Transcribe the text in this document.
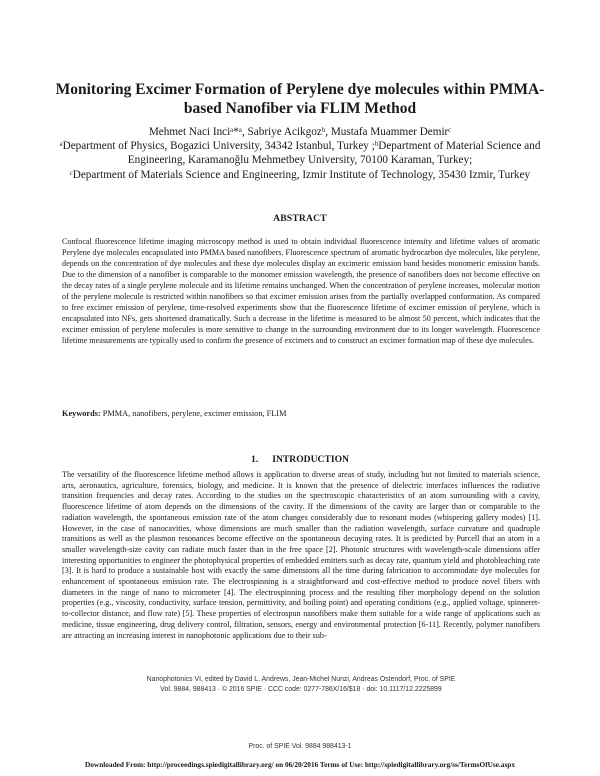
Monitoring Excimer Formation of Perylene dye molecules within PMMA-based Nanofiber via FLIM Method
Mehmet Naci Inciᵃ*ᵃ, Sabriye Acikgozᵇ, Mustafa Muammer Demirᶜ

ᵃDepartment of Physics, Bogazici University, 34342 Istanbul, Turkey ;ᵇDepartment of Material Science and Engineering, Karamanoğlu Mehmetbey University, 70100 Karaman, Turkey;

ᶜDepartment of Materials Science and Engineering, Izmir Institute of Technology, 35430 Izmir, Turkey

ABSTRACT

Confocal fluorescence lifetime imaging microscopy method is used to obtain individual fluorescence intensity and lifetime values of aromatic Perylene dye molecules encapsulated into PMMA based nanofibers. Fluorescence spectrum of aromatic hydrocarbon dye molecules, like perylene, depends on the concentration of dye molecules and these dye molecules display an excimeric emission band besides monomeric emission bands. Due to the dimension of a nanofiber is comparable to the monomer emission wavelength, the presence of nanofibers does not become effective on the decay rates of a single perylene molecule and its lifetime remains unchanged. When the concentration of perylene increases, molecular motion of the perylene molecule is restricted within nanofibers so that excimer emission arises from the partially overlapped conformation. As compared to free excimer emission of perylene, time-resolved experiments show that the fluorescence lifetime of excimer emission of perylene, which is encapsulated into NFs, gets shortened dramatically. Such a decrease in the lifetime is measured to be almost 50 percent, which indicates that the excimer emission of perylene molecules is more sensitive to change in the surrounding environment due to its longer wavelength. Fluorescence lifetime measurements are typically used to confirm the presence of excimers and to construct an excimer formation map of these dye molecules.

Keywords: PMMA, nanofibers, perylene, excimer emission, FLIM

1. INTRODUCTION

The versatility of the fluorescence lifetime method allows is application to diverse areas of study, including but not limited to materials science, arts, aeronautics, agriculture, forensics, biology, and medicine. It is known that the presence of dielectric interfaces influences the radiative transition frequencies and decay rates. According to the studies on the spectroscopic characteristics of an atom surrounding with a cavity, fluorescence lifetime of atom depends on the dimensions of the cavity. If the dimensions of the cavity are larger than or comparable to the radiation wavelength, the spontaneous emission rate of the atom changes considerably due to resonant modes (whispering gallery modes) [1]. However, in the case of nanocavities, whose dimensions are much smaller than the radiation wavelength, surface curvature and quadruple transitions as well as the plasmon resonances become effective on the spontaneous decaying rates. It is predicted by Purcell that an atom in a smaller wavelength-size cavity can radiate much faster than in the free space [2]. Photonic structures with wavelength-scale dimensions offer interesting opportunities to engineer the photophysical properties of embedded emitters such as decay rate, quantum yield and photobleaching rate [3]. It is hard to produce a sustainable host with exactly the same dimensions all the time during fabrication to accommodate dye molecules for enhancement of spontaneous emission rate. The electrospinning is a straightforward and cost-effective method to produce novel fibers with diameters in the range of nano to micrometer [4]. The electrospinning process and the resulting fiber morphology depend on the solution properties (e.g., viscosity, conductivity, surface tension, permittivity, and boiling point) and operating conditions (e.g., applied voltage, spinneret-to-collector distance, and flow rate) [5]. These properties of electrospun nanofibers make them suitable for a wide range of applications such as medicine, tissue engineering, drug delivery control, filtration, sensors, energy and environmental protection [6-11]. Recently, polymer nanofibers are attracting an increasing interest in nanophotonic applications due to their sub-

Nanophotonics VI, edited by David L. Andrews, Jean-Michel Nunzi, Andreas Ostendorf, Proc. of SPIE

Vol. 9884, 988413 · © 2016 SPIE · CCC code: 0277-786X/16/$18 · doi: 10.1117/12.2225899

Proc. of SPIE Vol. 9884 988413-1

Downloaded From: http://proceedings.spiedigitallibrary.org/ on 06/20/2016 Terms of Use: http://spiedigitallibrary.org/ss/TermsOfUse.aspx
